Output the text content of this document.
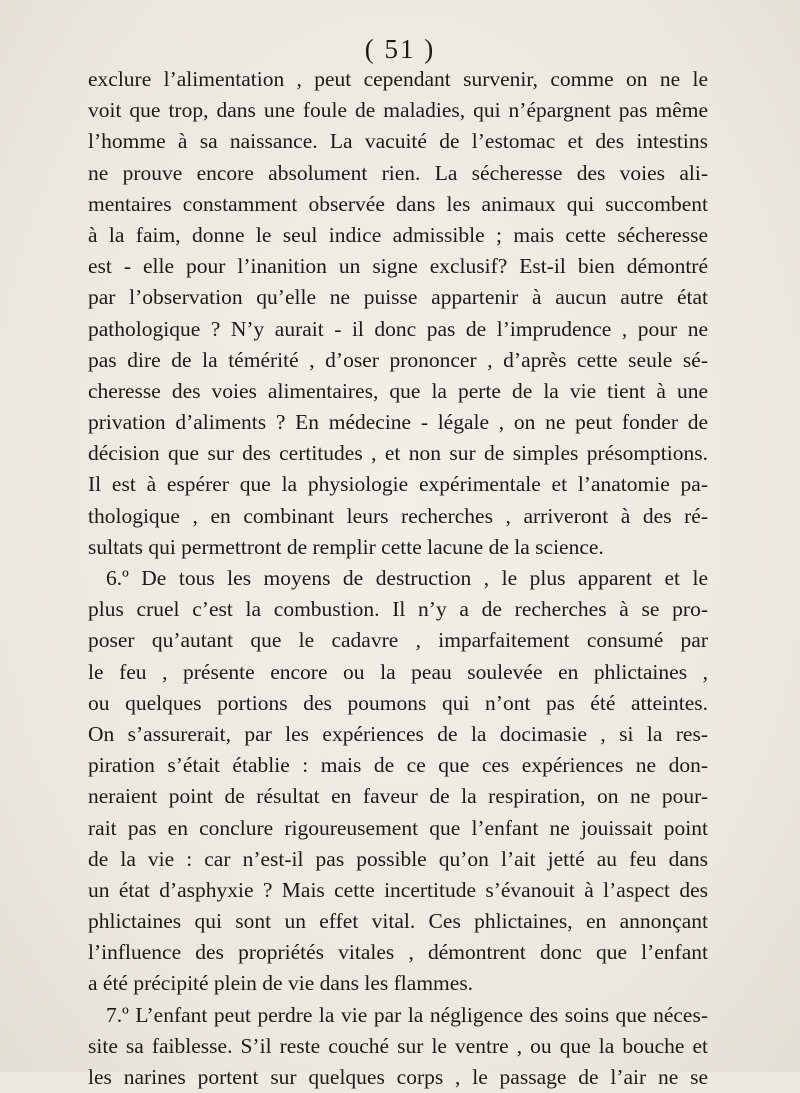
( 51 )
exclure l’alimentation , peut cependant survenir, comme on ne le
voit que trop, dans une foule de maladies, qui n’épargnent pas même
l’homme à sa naissance. La vacuité de l’estomac et des intestins
ne prouve encore absolument rien. La sécheresse des voies ali-
mentaires constamment observée dans les animaux qui succombent
à la faim, donne le seul indice admissible ; mais cette sécheresse
est - elle pour l’inanition un signe exclusif? Est-il bien démontré
par l’observation qu’elle ne puisse appartenir à aucun autre état
pathologique ? N’y aurait - il donc pas de l’imprudence , pour ne
pas dire de la témérité , d’oser prononcer , d’après cette seule sé-
cheresse des voies alimentaires, que la perte de la vie tient à une
privation d’aliments ? En médecine - légale , on ne peut fonder de
décision que sur des certitudes , et non sur de simples présomptions.
Il est à espérer que la physiologie expérimentale et l’anatomie pa-
thologique , en combinant leurs recherches , arriveront à des ré-
sultats qui permettront de remplir cette lacune de la science.
6.º De tous les moyens de destruction , le plus apparent et le
plus cruel c’est la combustion. Il n’y a de recherches à se pro-
poser qu’autant que le cadavre , imparfaitement consumé par
le feu , présente encore ou la peau soulevée en phlictaines ,
ou quelques portions des poumons qui n’ont pas été atteintes.
On s’assurerait, par les expériences de la docimasie , si la res-
piration s’était établie : mais de ce que ces expériences ne don-
neraient point de résultat en faveur de la respiration, on ne pour-
rait pas en conclure rigoureusement que l’enfant ne jouissait point
de la vie : car n’est-il pas possible qu’on l’ait jetté au feu dans
un état d’asphyxie ? Mais cette incertitude s’évanouit à l’aspect des
phlictaines qui sont un effet vital. Ces phlictaines, en annonçant
l’influence des propriétés vitales , démontrent donc que l’enfant
a été précipité plein de vie dans les flammes.
7.º L’enfant peut perdre la vie par la négligence des soins que néces-
site sa faiblesse. S’il reste couché sur le ventre , ou que la bouche et
les narines portent sur quelques corps , le passage de l’air ne se
